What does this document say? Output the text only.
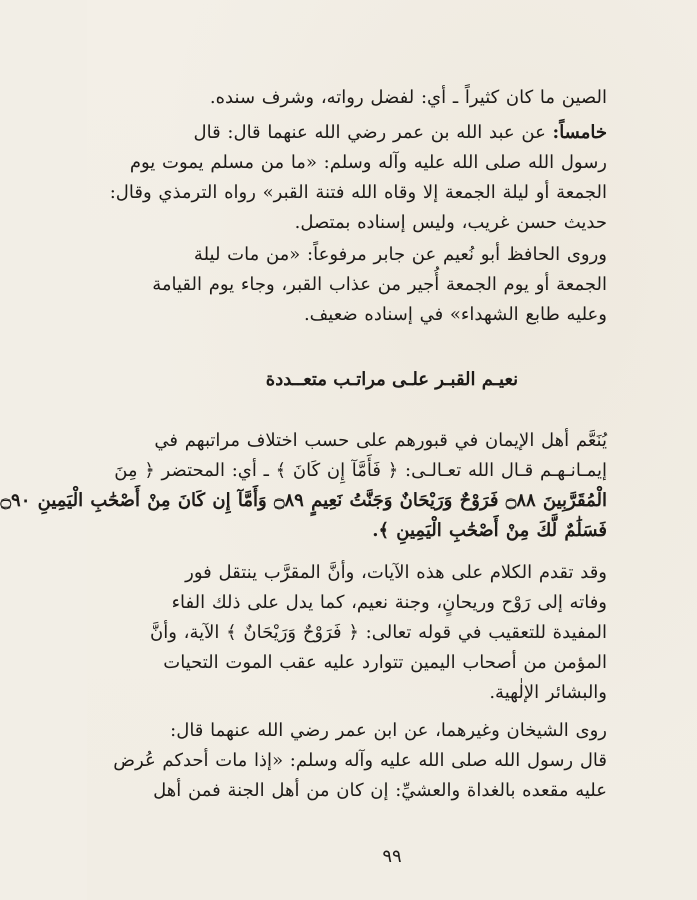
الصين ما كان كثيراً ـ أي: لفضل رواته، وشرف سنده.
خامساً: عن عبد الله بن عمر رضي الله عنهما قال: قال
رسول الله صلى الله عليه وآله وسلم: «ما من مسلم يموت يوم
الجمعة أو ليلة الجمعة إلا وقاه الله فتنة القبر» رواه الترمذي وقال:
حديث حسن غريب، وليس إسناده بمتصل.
وروى الحافظ أبو نُعيم عن جابر مرفوعاً: «من مات ليلة
الجمعة أو يوم الجمعة أُجير من عذاب القبر، وجاء يوم القيامة
وعليه طابع الشهداء» في إسناده ضعيف.
نعيـم القبـر علـى مراتـب متعــددة
يُنَعَّم أهل الإيمان في قبورهم على حسب اختلاف مراتبهم في
إيمـانـهـم قـال الله تعـالـى: ﴿ فَأَمَّآ إِن كَانَ ﴾ ـ أي: المحتضر ﴿ مِنَ
الْمُقَرَّبِينَ ۝٨٨ فَرَوْحٌ وَرَيْحَانٌ وَجَنَّتُ نَعِيمٍ ۝٨٩ وَأَمَّآ إِن كَانَ مِنْ أَصْحَٰبِ الْيَمِينِ ۝٩٠
فَسَلَٰمٌ لَّكَ مِنْ أَصْحَٰبِ الْيَمِينِ ﴾.
وقد تقدم الكلام على هذه الآيات، وأنَّ المقرَّب ينتقل فور
وفاته إلى رَوْح وريحانٍ، وجنة نعيم، كما يدل على ذلك الفاء
المفيدة للتعقيب في قوله تعالى: ﴿ فَرَوْحٌ وَرَيْحَانٌ ﴾ الآية، وأنَّ
المؤمن من أصحاب اليمين تتوارد عليه عقب الموت التحيات
والبشائر الإلٰهية.
روى الشيخان وغيرهما، عن ابن عمر رضي الله عنهما قال:
قال رسول الله صلى الله عليه وآله وسلم: «إذا مات أحدكم عُرض
عليه مقعده بالغداة والعشيِّ: إن كان من أهل الجنة فمن أهل
٩٩
